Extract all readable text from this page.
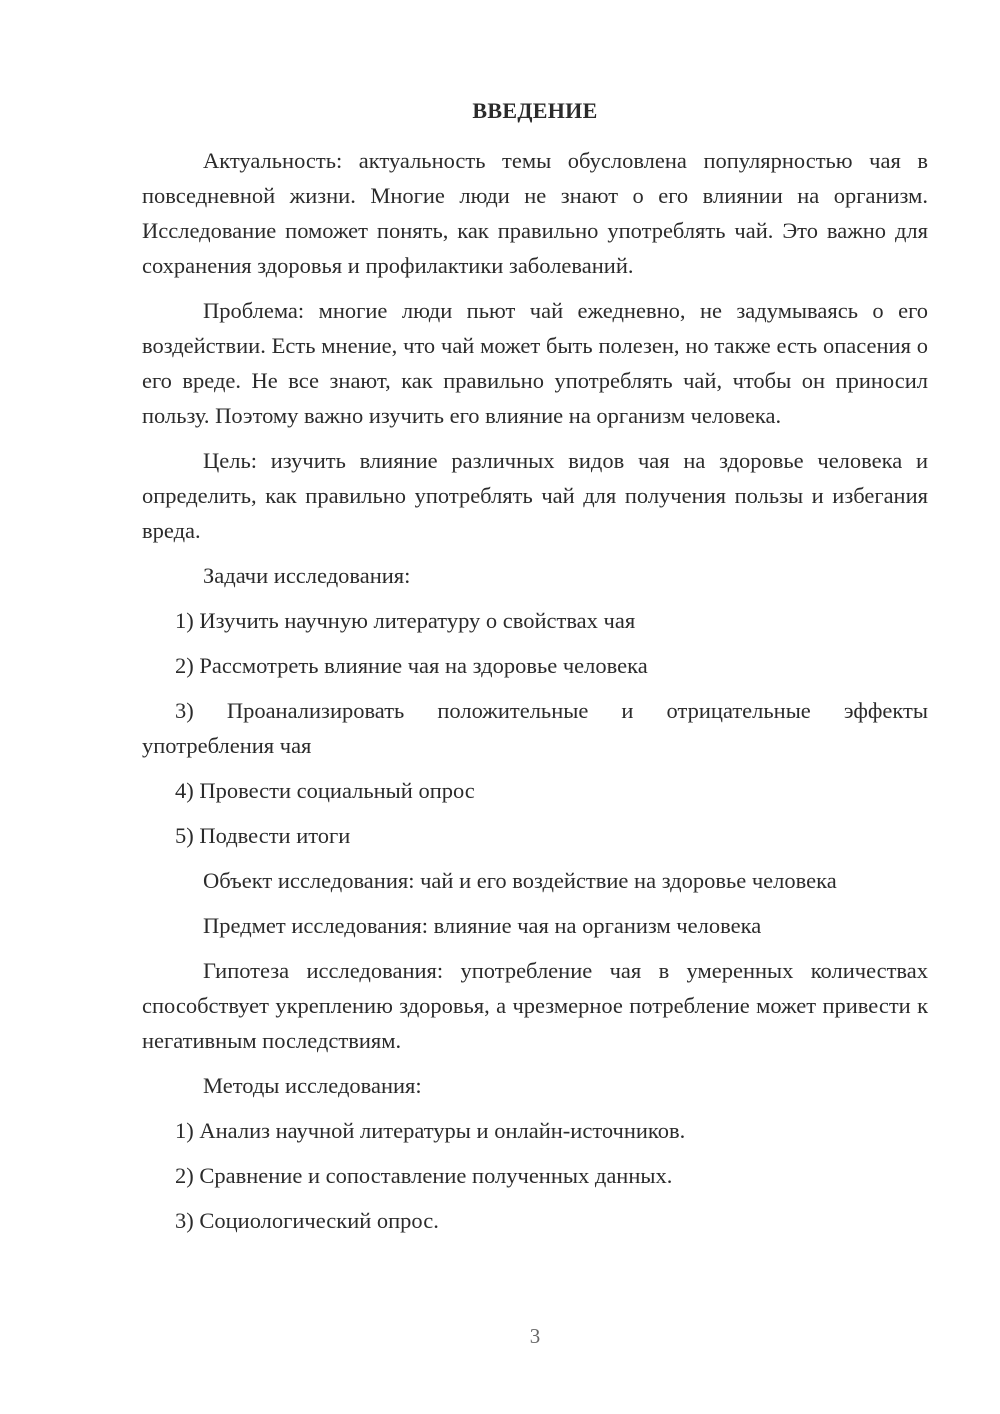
ВВЕДЕНИЕ

Актуальность: актуальность темы обусловлена популярностью чая в повседневной жизни. Многие люди не знают о его влиянии на организм. Исследование поможет понять, как правильно употреблять чай. Это важно для сохранения здоровья и профилактики заболеваний.

Проблема: многие люди пьют чай ежедневно, не задумываясь о его воздействии. Есть мнение, что чай может быть полезен, но также есть опасения о его вреде. Не все знают, как правильно употреблять чай, чтобы он приносил пользу. Поэтому важно изучить его влияние на организм человека.

Цель: изучить влияние различных видов чая на здоровье человека и определить, как правильно употреблять чай для получения пользы и избегания вреда.

Задачи исследования:

1) Изучить научную литературу о свойствах чая

2) Рассмотреть влияние чая на здоровье человека

3) Проанализировать положительные и отрицательные эффекты употребления чая

4) Провести социальный опрос

5) Подвести итоги

Объект исследования: чай и его воздействие на здоровье человека

Предмет исследования: влияние чая на организм человека

Гипотеза исследования: употребление чая в умеренных количествах способствует укреплению здоровья, а чрезмерное потребление может привести к негативным последствиям.

Методы исследования:

1) Анализ научной литературы и онлайн-источников.

2) Сравнение и сопоставление полученных данных.

3) Социологический опрос.

3
